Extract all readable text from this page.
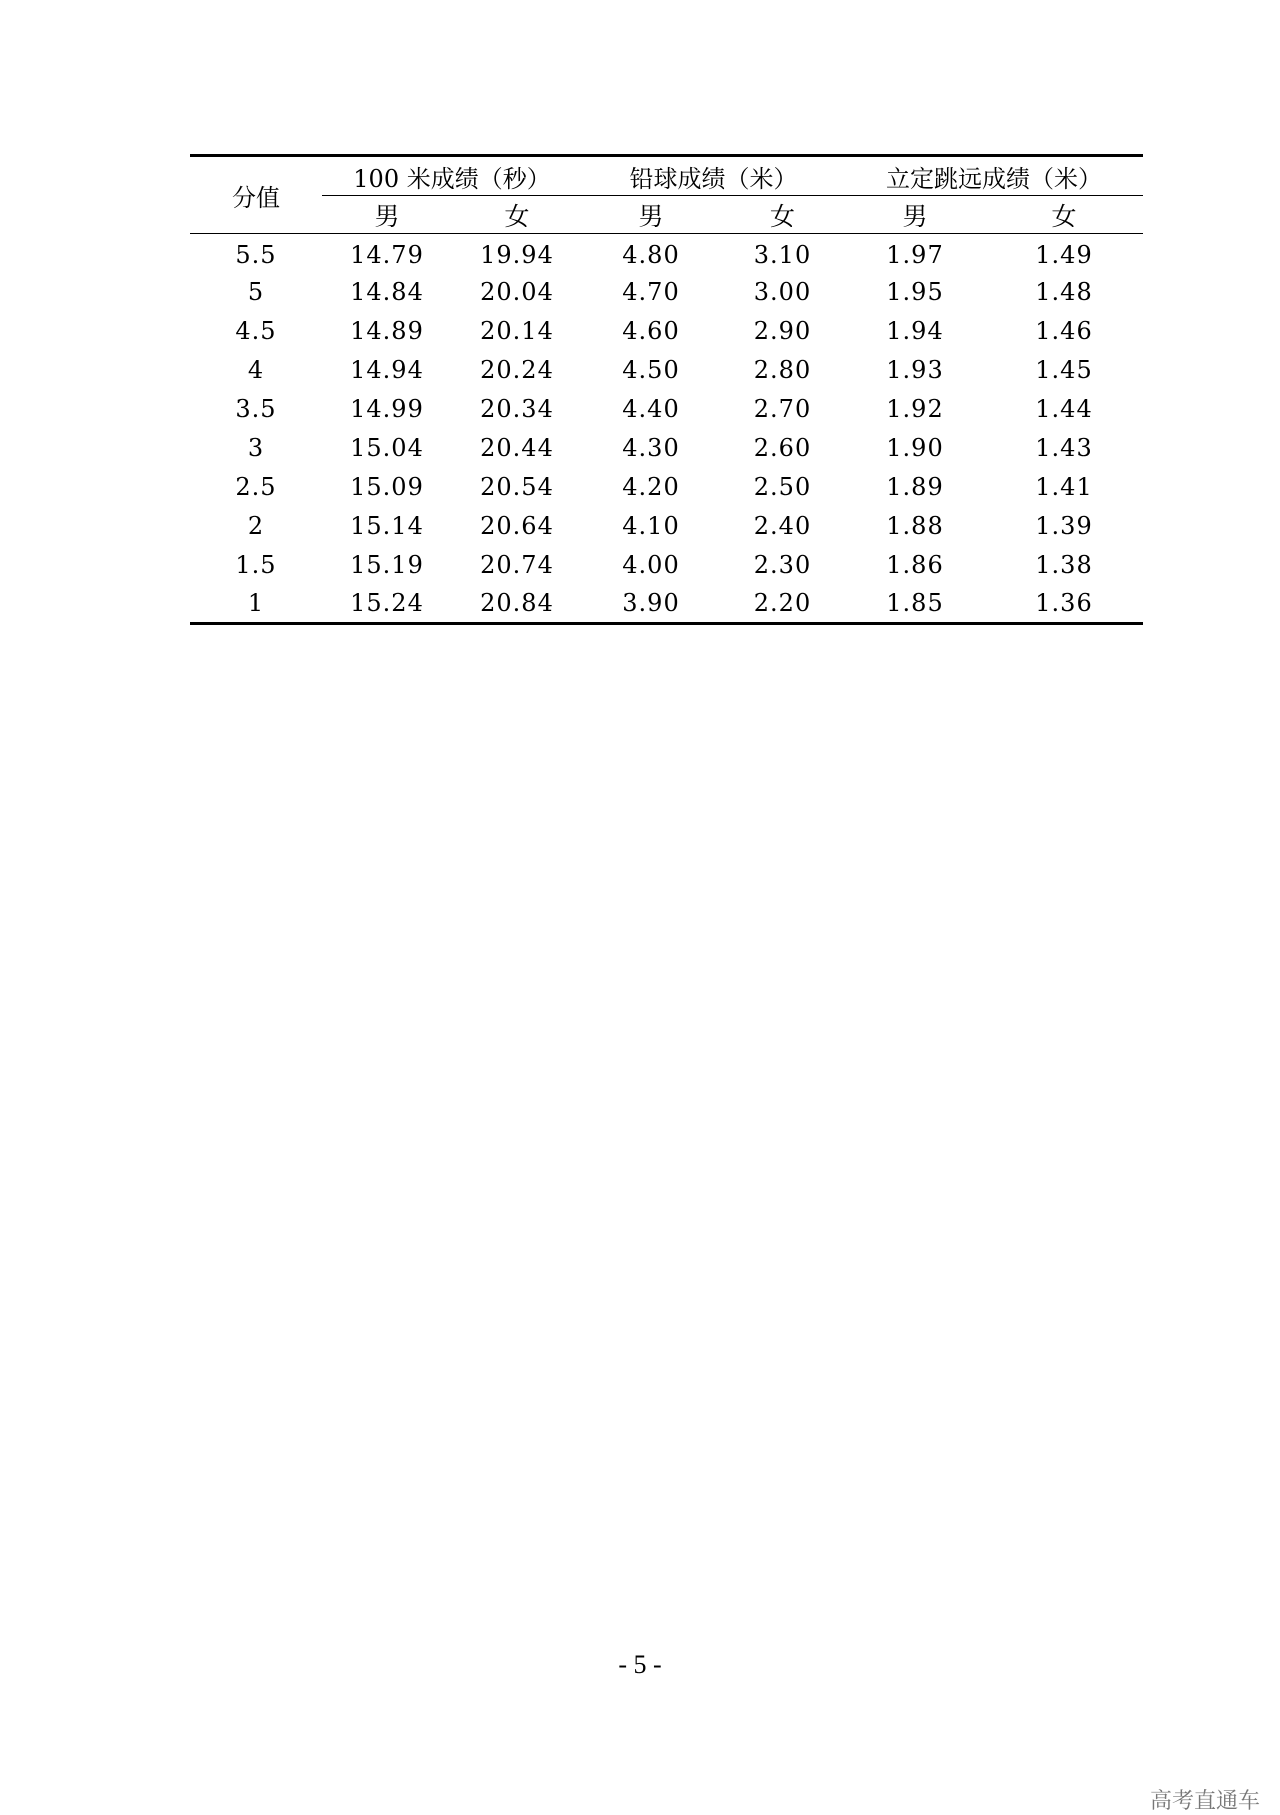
分值	100 米成绩（秒）		铅球成绩（米）		立定跳远成绩（米）	
	男	女	男	女	男	女
5.5	14.79	19.94	4.80	3.10	1.97	1.49
5	14.84	20.04	4.70	3.00	1.95	1.48
4.5	14.89	20.14	4.60	2.90	1.94	1.46
4	14.94	20.24	4.50	2.80	1.93	1.45
3.5	14.99	20.34	4.40	2.70	1.92	1.44
3	15.04	20.44	4.30	2.60	1.90	1.43
2.5	15.09	20.54	4.20	2.50	1.89	1.41
2	15.14	20.64	4.10	2.40	1.88	1.39
1.5	15.19	20.74	4.00	2.30	1.86	1.38
1	15.24	20.84	3.90	2.20	1.85	1.36
- 5 -
高考直通车
